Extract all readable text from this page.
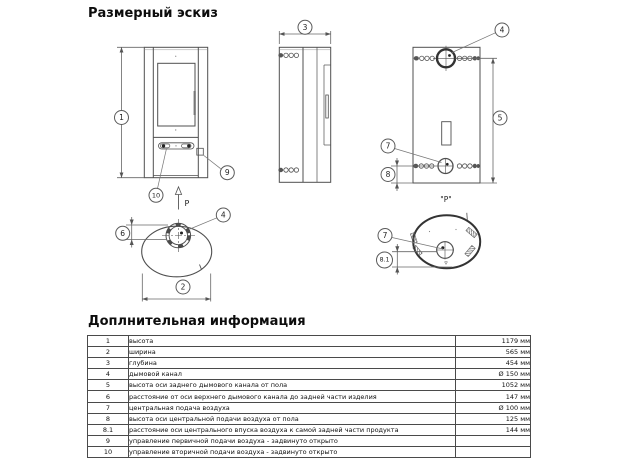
Размерный эскиз
1
10
9
P
3	4
5
7
8
4
6
2
"P"
7
8.1
Доплнительная информация
1	высота	1179 мм
2	ширина	565 мм
3	глубина	454 мм
4	дымовой канал	Ø 150 мм
5	высота оси заднего дымового канала от пола	1052 мм
6	расстояние от оси верхнего дымового канала до задней части изделия	147 мм
7	центральная подача воздуха	Ø 100 мм
8	высота оси центральной подачи воздуха от пола	125 мм
8.1	расстояние оси центрального впуска воздуха к самой задней части продукта	144 мм
9	управление первичной подачи воздуха - задвинуто открыто	
10	управление вторичной подачи воздуха - задвинуто открыто	
